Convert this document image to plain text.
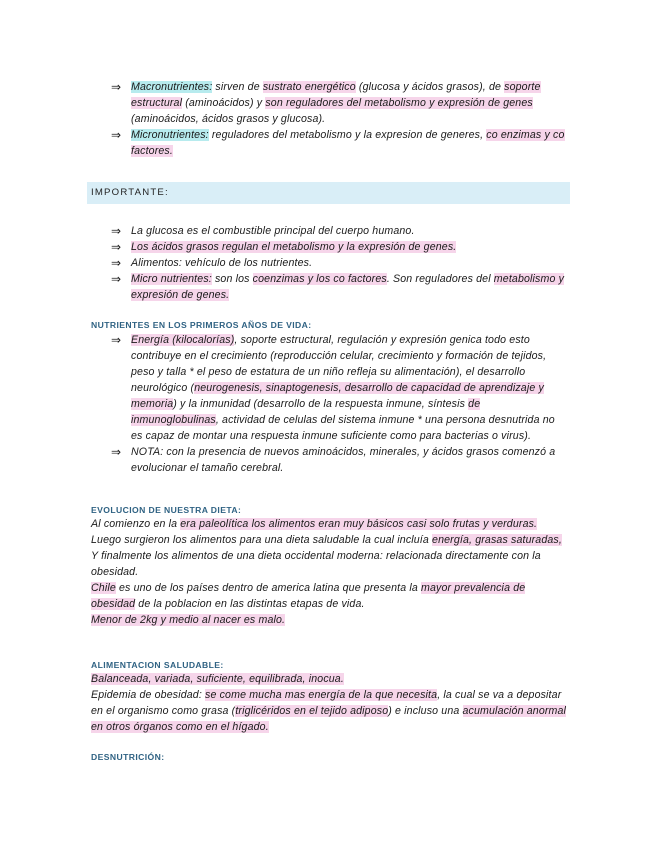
⇒ Macronutrientes: sirven de sustrato energético (glucosa y ácidos grasos), de soporte estructural (aminoácidos) y son reguladores del metabolismo y expresión de genes (aminoácidos, ácidos grasos y glucosa).
⇒ Micronutrientes: reguladores del metabolismo y la expresion de generes, co enzimas y co factores.
IMPORTANTE:
⇒ La glucosa es el combustible principal del cuerpo humano.
⇒ Los ácidos grasos regulan el metabolismo y la expresión de genes.
⇒ Alimentos: vehículo de los nutrientes.
⇒ Micro nutrientes: son los coenzimas y los co factores. Son reguladores del metabolismo y expresión de genes.
NUTRIENTES EN LOS PRIMEROS AÑOS DE VIDA:
⇒ Energía (kilocalorías), soporte estructural, regulación y expresión genica todo esto contribuye en el crecimiento (reproducción celular, crecimiento y formación de tejidos, peso y talla * el peso de estatura de un niño refleja su alimentación), el desarrollo neurológico (neurogenesis, sinaptogenesis, desarrollo de capacidad de aprendizaje y memoria) y la inmunidad (desarrollo de la respuesta inmune, síntesis de inmunoglobulinas, actividad de celulas del sistema inmune * una persona desnutrida no es capaz de montar una respuesta inmune suficiente como para bacterias o virus).
⇒ NOTA: con la presencia de nuevos aminoácidos, minerales, y ácidos grasos comenzó a evolucionar el tamaño cerebral.
EVOLUCION DE NUESTRA DIETA:
Al comienzo en la era paleolítica los alimentos eran muy básicos casi solo frutas y verduras.
Luego surgieron los alimentos para una dieta saludable la cual incluía energía, grasas saturadas,
Y finalmente los alimentos de una dieta occidental moderna: relacionada directamente con la obesidad.
Chile es uno de los países dentro de america latina que presenta la mayor prevalencia de obesidad de la poblacion en las distintas etapas de vida.
Menor de 2kg y medio al nacer es malo.
ALIMENTACION SALUDABLE:
Balanceada, variada, suficiente, equilibrada, inocua.
Epidemia de obesidad: se come mucha mas energía de la que necesita, la cual se va a depositar en el organismo como grasa (triglicéridos en el tejido adiposo) e incluso una acumulación anormal en otros órganos como en el hígado.
DESNUTRICIÓN:
